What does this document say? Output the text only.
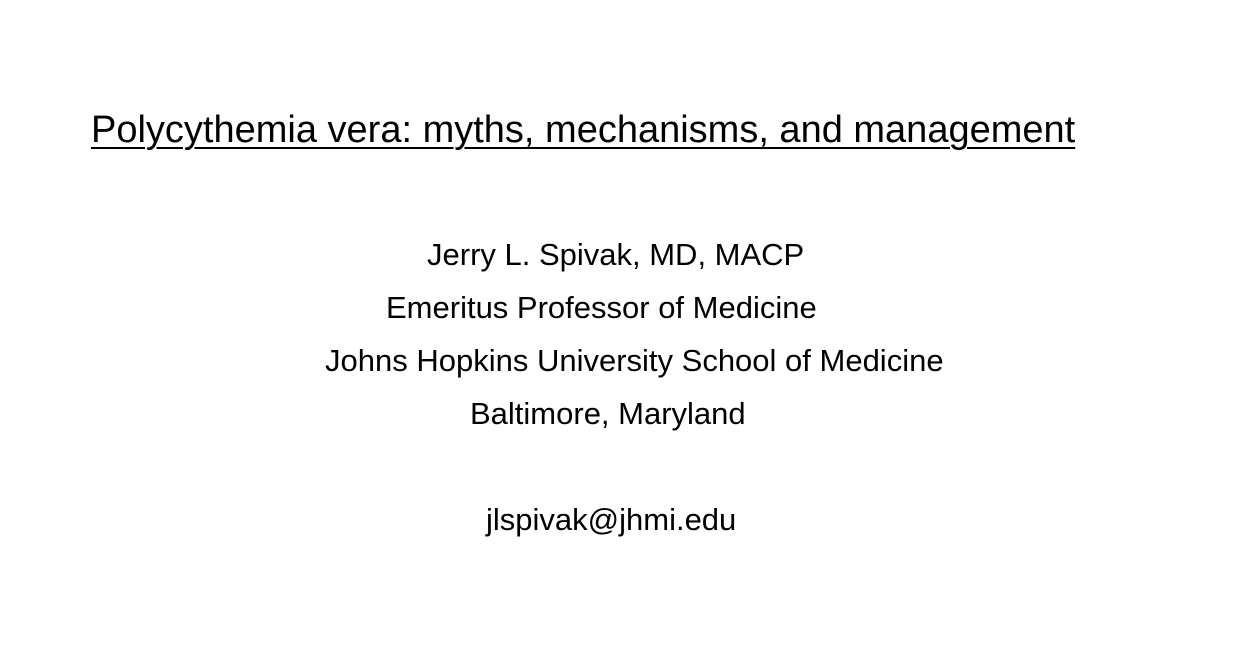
Polycythemia vera: myths, mechanisms, and management

Jerry L. Spivak, MD, MACP

Emeritus Professor of Medicine

Johns Hopkins University School of Medicine

Baltimore, Maryland

jlspivak@jhmi.edu
